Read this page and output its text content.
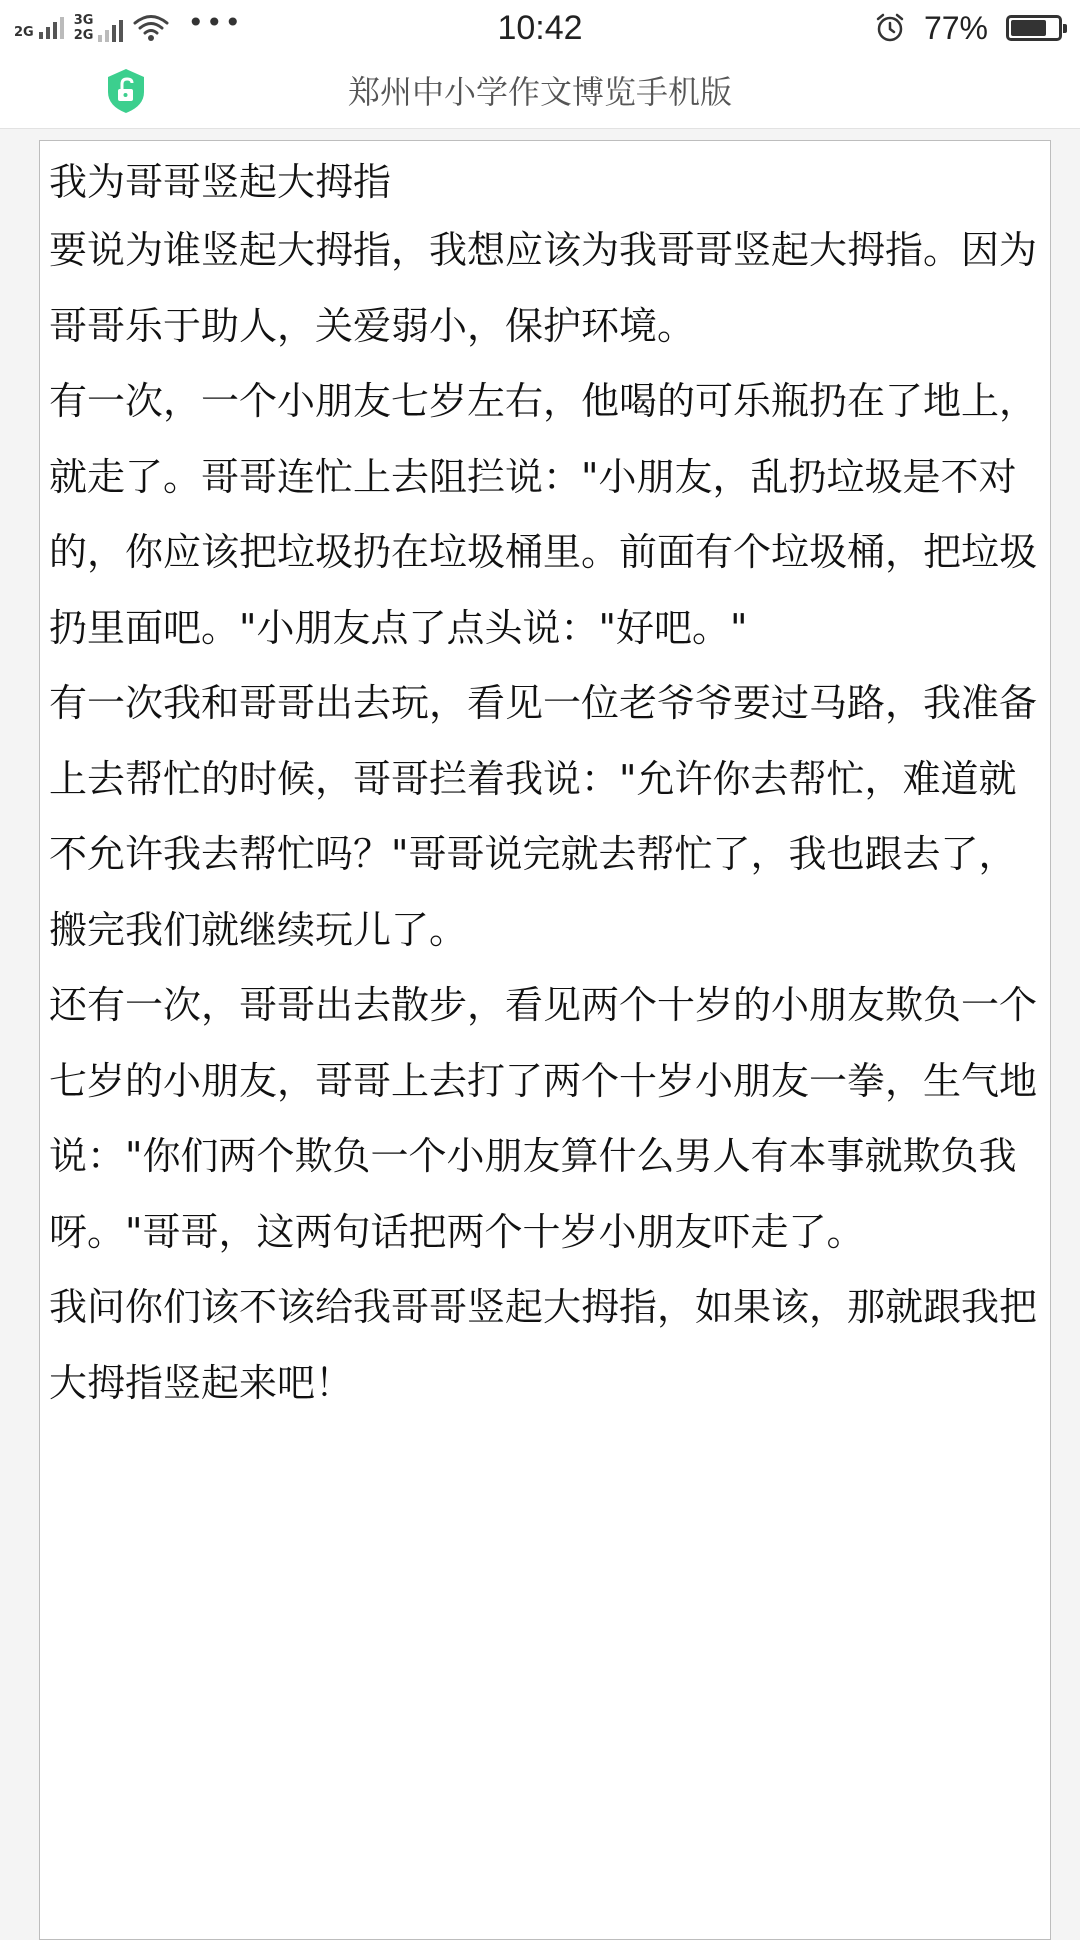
2G
3G
2G	•••	10:42	77%
郑州中小学作文博览手机版
我为哥哥竖起大拇指

要说为谁竖起大拇指，我想应该为我哥哥竖起大拇指。因为哥哥乐于助人，关爱弱小，保护环境。

有一次，一个小朋友七岁左右，他喝的可乐瓶扔在了地上，就走了。哥哥连忙上去阻拦说："小朋友，乱扔垃圾是不对的，你应该把垃圾扔在垃圾桶里。前面有个垃圾桶，把垃圾扔里面吧。"小朋友点了点头说："好吧。"

有一次我和哥哥出去玩，看见一位老爷爷要过马路，我准备上去帮忙的时候，哥哥拦着我说："允许你去帮忙，难道就不允许我去帮忙吗？"哥哥说完就去帮忙了，我也跟去了，搬完我们就继续玩儿了。

还有一次，哥哥出去散步，看见两个十岁的小朋友欺负一个七岁的小朋友，哥哥上去打了两个十岁小朋友一拳，生气地说："你们两个欺负一个小朋友算什么男人有本事就欺负我呀。"哥哥，这两句话把两个十岁小朋友吓走了。

我问你们该不该给我哥哥竖起大拇指，如果该，那就跟我把大拇指竖起来吧！
